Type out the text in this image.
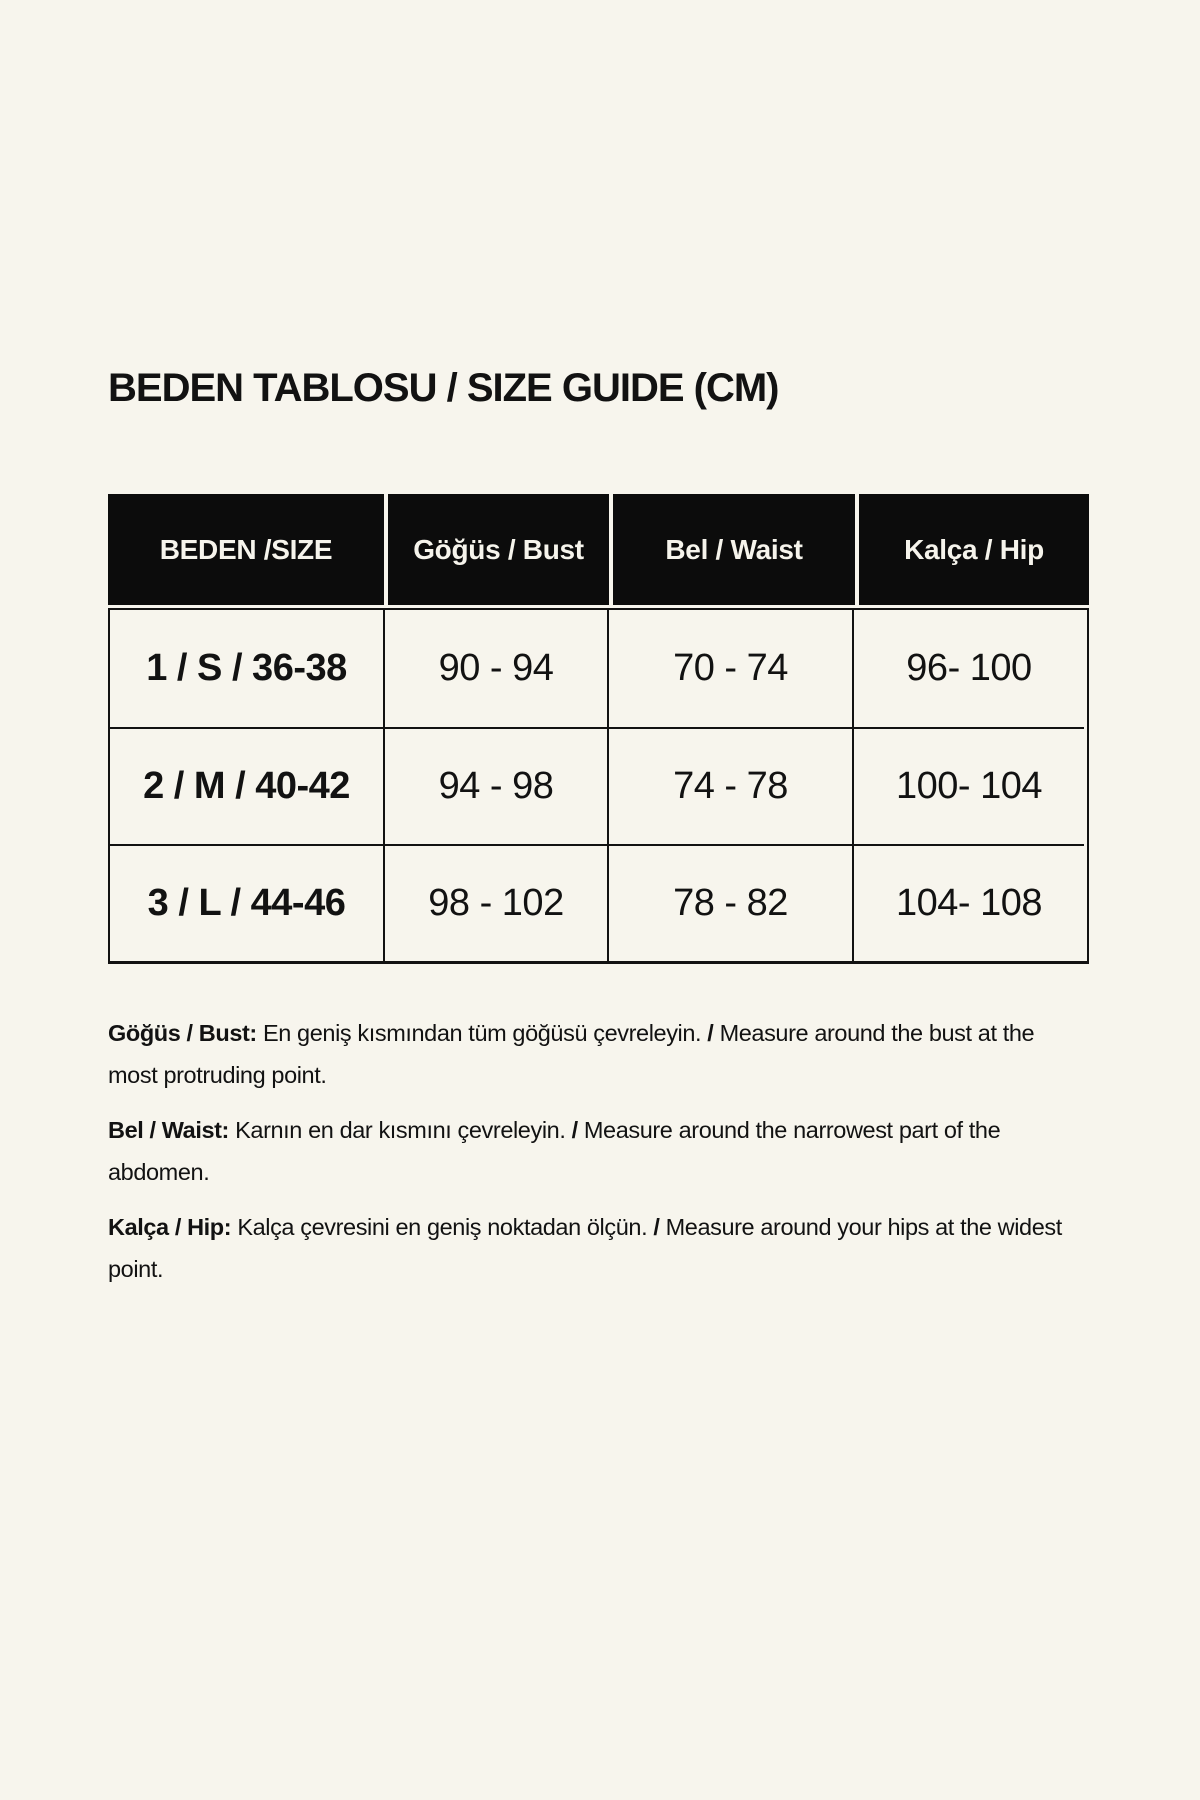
BEDEN TABLOSU / SIZE GUIDE (CM)
BEDEN /SIZE	Göğüs / Bust	Bel / Waist	Kalça / Hip
1 / S / 36-38	90 - 94	70 - 74	96- 100
2 / M / 40-42	94 - 98	74 - 78	100- 104
3 / L / 44-46	98 - 102	78 - 82	104- 108

Göğüs / Bust: En geniş kısmından tüm göğüsü çevreleyin. / Measure around the bust at the
most protruding point.

Bel / Waist: Karnın en dar kısmını çevreleyin. / Measure around the narrowest part of the
abdomen.

Kalça / Hip: Kalça çevresini en geniş noktadan ölçün. / Measure around your hips at the widest
point.
